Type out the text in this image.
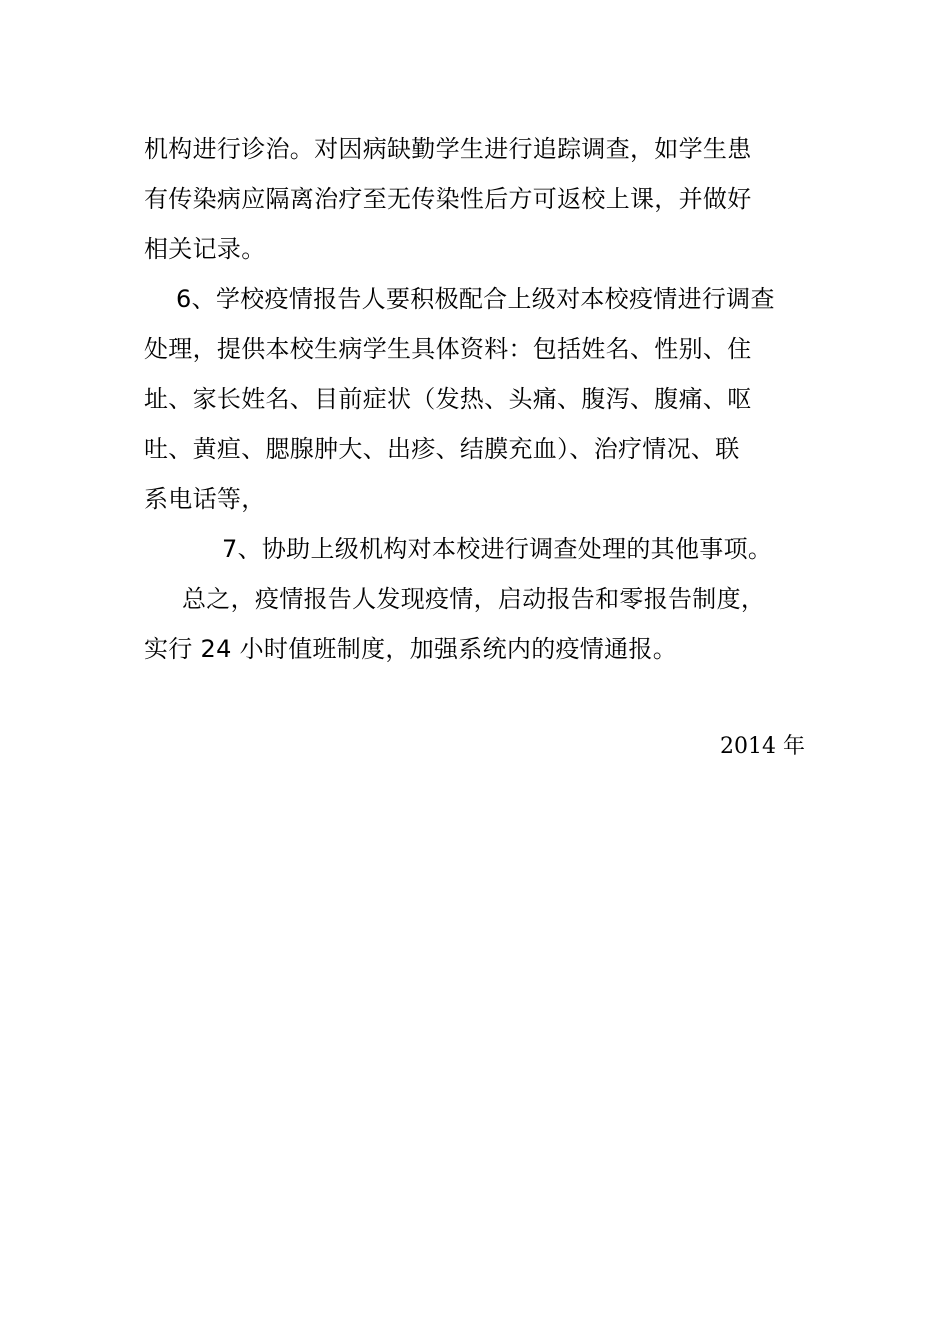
机构进行诊治。对因病缺勤学生进行追踪调查，如学生患
有传染病应隔离治疗至无传染性后方可返校上课，并做好
相关记录。
6、学校疫情报告人要积极配合上级对本校疫情进行调查
处理，提供本校生病学生具体资料：包括姓名、性别、住
址、家长姓名、目前症状（发热、头痛、腹泻、腹痛、呕
吐、黄疸、腮腺肿大、出疹、结膜充血）、治疗情况、联
系电话等，
7、协助上级机构对本校进行调查处理的其他事项。
总之，疫情报告人发现疫情，启动报告和零报告制度，
实行 24 小时值班制度，加强系统内的疫情通报。
2014 年
